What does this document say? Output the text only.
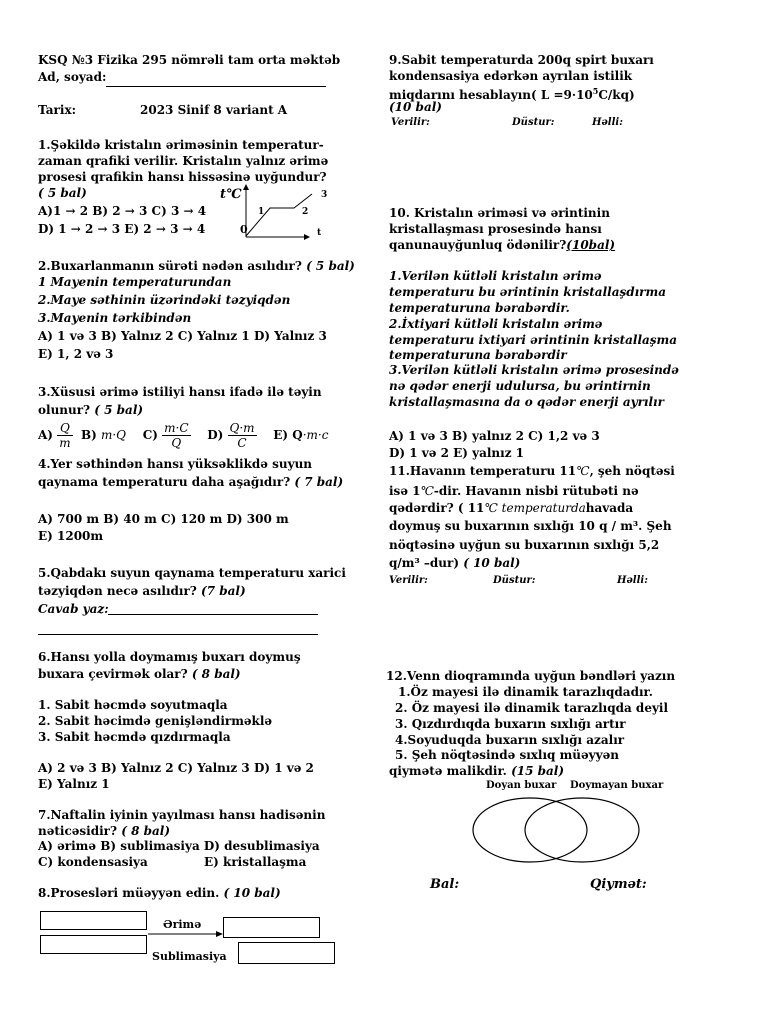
KSQ №3 Fizika 295 nömrəli tam orta məktəb
Ad, soyad:
Tarix:	2023 Sinif 8 variant A
1.Şəkildə kristalın əriməsinin temperatur-
zaman qrafiki verilir. Kristalın yalnız ərimə
prosesi qrafikin hansı hissəsinə uyğundur?
( 5 bal)
A)1 → 2 B) 2 → 3 C) 3 → 4
D) 1 → 2 → 3 E) 2 → 3 → 4
t℃
0	t
1	2
3
2.Buxarlanmanın sürəti nədən asılıdır? ( 5 bal)
1 Mayenin temperaturundan
2.Maye səthinin üzərindəki təzyiqdən
3.Mayenin tərkibindən
A) 1 və 3 B) Yalnız 2 C) Yalnız 1 D) Yalnız 3
E) 1, 2 və 3
3.Xüsusi ərimə istiliyi hansı ifadə ilə təyin
olunur? ( 5 bal)
$A) \frac{Q}{m} B$) m·Q $C) \frac{m\cdot C}{Q} D) \frac{Q\cdot m}{C} E$) Q·m·c
4.Yer səthindən hansı yüksəklikdə suyun
qaynama temperaturu daha aşağıdır? ( 7 bal)
A) 700 m B) 40 m C) 120 m D) 300 m
E) 1200m
5.Qabdakı suyun qaynama temperaturu xarici
təzyiqdən necə asılıdır? (7 bal)
Cavab yaz:
6.Hansı yolla doymamış buxarı doymuş
buxara çevirmək olar? ( 8 bal)
1. Sabit həcmdə soyutmaqla
2. Sabit həcimdə genişləndirməklə
3. Sabit həcmdə qızdırmaqla
A) 2 və 3 B) Yalnız 2 C) Yalnız 3 D) 1 və 2
E) Yalnız 1
7.Naftalin iyinin yayılması hansı hadisənin
nəticəsidir? ( 8 bal)
A) ərimə B) sublimasiya D) desublimasiya
C) kondensasiya	E) kristallaşma
8.Prosesləri müəyyən edin. ( 10 bal)
Ərimə
Sublimasiya
9.Sabit temperaturda 200q spirt buxarı
kondensasiya edərkən ayrılan istilik
miqdarını hesablayın( $L =9\cdot 10^5C/kq$)
(10 bal)
Verilir:	Düstur:	Həlli:
10. Kristalın əriməsi və ərintinin
kristallaşması prosesində hansı
qanunauyğunluq ödənilir?(10bal)
1.Verilən kütləli kristalın ərimə
temperaturu bu ərintinin kristallaşdırma
temperaturuna bərabərdir.
2.İxtiyari kütləli kristalın ərimə
temperaturu ixtiyari ərintinin kristallaşma
temperaturuna bərabərdir
3.Verilən kütləli kristalın ərimə prosesində
nə qədər enerji udulursa, bu ərintirnin
kristallaşmasına da o qədər enerji ayrılır
A) 1 və 3 B) yalnız 2 C) 1,2 və 3
D) 1 və 2 E) yalnız 1
11.Havanın temperaturu 11℃, şeh nöqtəsi
isə 1℃-dir. Havanın nisbi rütubəti nə
qədərdir? ( 11℃ temperaturdahavada
doymuş su buxarının sıxlığı 10 q / m³. Şeh
nöqtəsinə uyğun su buxarının sıxlığı 5,2
q/m³ –dur) ( 10 bal)
Verilir:	Düstur:	Həlli:
12.Venn dioqramında uyğun bəndləri yazın
1.Öz mayesi ilə dinamik tarazlıqdadır.
2. Öz mayesi ilə dinamik tarazlıqda deyil
3. Qızdırdıqda buxarın sıxlığı artır
4.Soyuduqda buxarın sıxlığı azalır
5. Şeh nöqtəsində sıxlıq müəyyən
qiymətə malikdir. (15 bal)
Doyan buxar Doymayan buxar
Bal:	Qiymət:
